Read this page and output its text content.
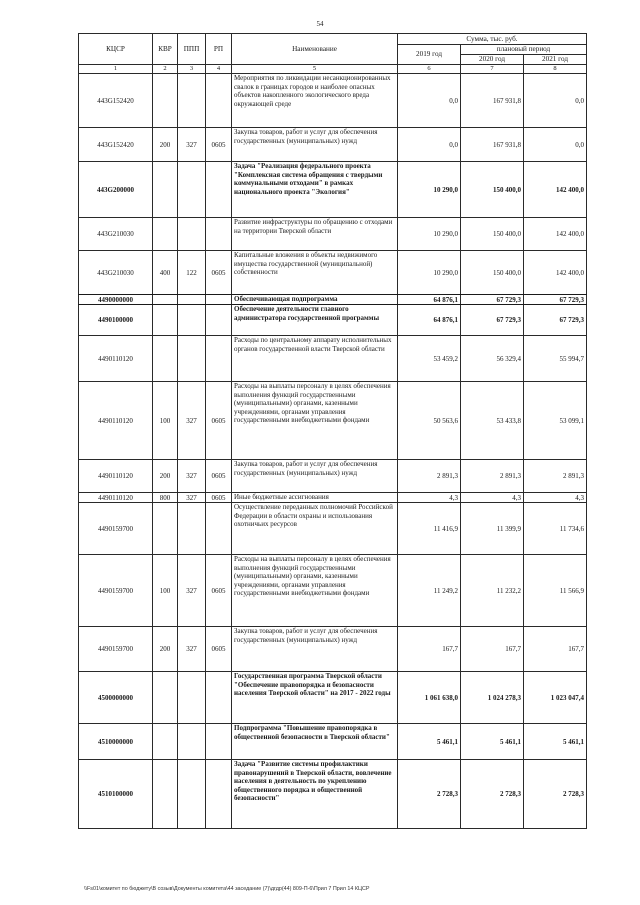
54
КЦСР	КВР	ППП	РП	Наименование	Сумма, тыс. руб.		
					2019 год	плановый период	
						2020 год	2021 год
1	2	3	4	5	6	7	8
443G152420				Мероприятия по ликвидации несанкционированных свалок в границах городов и наиболее опасных объектов накопленного экологического вреда окружающей среде	0,0	167 931,8	0,0
443G152420	200	327	0605	Закупка товаров, работ и услуг для обеспечения государственных (муниципальных) нужд	0,0	167 931,8	0,0
443G200000				Задача "Реализация федерального проекта "Комплексная система обращения с твердыми коммунальными отходами" в рамках национального проекта "Экология"	10 290,0	150 400,0	142 400,0
443G210030				Развитие инфраструктуры по обращению с отходами на территории Тверской области	10 290,0	150 400,0	142 400,0
443G210030	400	122	0605	Капитальные вложения в объекты недвижимого имущества государственной (муниципальной) собственности	10 290,0	150 400,0	142 400,0
4490000000				Обеспечивающая подпрограмма	64 876,1	67 729,3	67 729,3
4490100000				Обеспечение деятельности главного администратора государственной программы	64 876,1	67 729,3	67 729,3
4490110120				Расходы по центральному аппарату исполнительных органов государственной власти Тверской области	53 459,2	56 329,4	55 994,7
4490110120	100	327	0605	Расходы на выплаты персоналу в целях обеспечения выполнения функций государственными (муниципальными) органами, казенными учреждениями, органами управления государственными внебюджетными фондами	50 563,6	53 433,8	53 099,1
4490110120	200	327	0605	Закупка товаров, работ и услуг для обеспечения государственных (муниципальных) нужд	2 891,3	2 891,3	2 891,3
4490110120	800	327	0605	Иные бюджетные ассигнования	4,3	4,3	4,3
4490159700				Осуществление переданных полномочий Российской Федерации в области охраны и использования охотничьих ресурсов	11 416,9	11 399,9	11 734,6
4490159700	100	327	0605	Расходы на выплаты персоналу в целях обеспечения выполнения функций государственными (муниципальными) органами, казенными учреждениями, органами управления государственными внебюджетными фондами	11 249,2	11 232,2	11 566,9
4490159700	200	327	0605	Закупка товаров, работ и услуг для обеспечения государственных (муниципальных) нужд	167,7	167,7	167,7
4500000000				Государственная программа Тверской области "Обеспечение правопорядка и безопасности населения Тверской области" на 2017 - 2022 годы	1 061 638,0	1 024 278,3	1 023 047,4
4510000000				Подпрограмма "Повышение правопорядка в общественной безопасности в Тверской области"	5 461,1	5 461,1	5 461,1
4510100000				Задача "Развитие системы профилактики правонарушений в Тверской области, вовлечение населения в деятельность по укреплению общественного порядка и общественной безопасности"	2 728,3	2 728,3	2 728,3
\\Fs01\комитет по бюджету\В созыв\Документы комитета\44 заседание (7)\дгдр(44) 809-П-6\Прил 7 Прил 14 КЦСР
